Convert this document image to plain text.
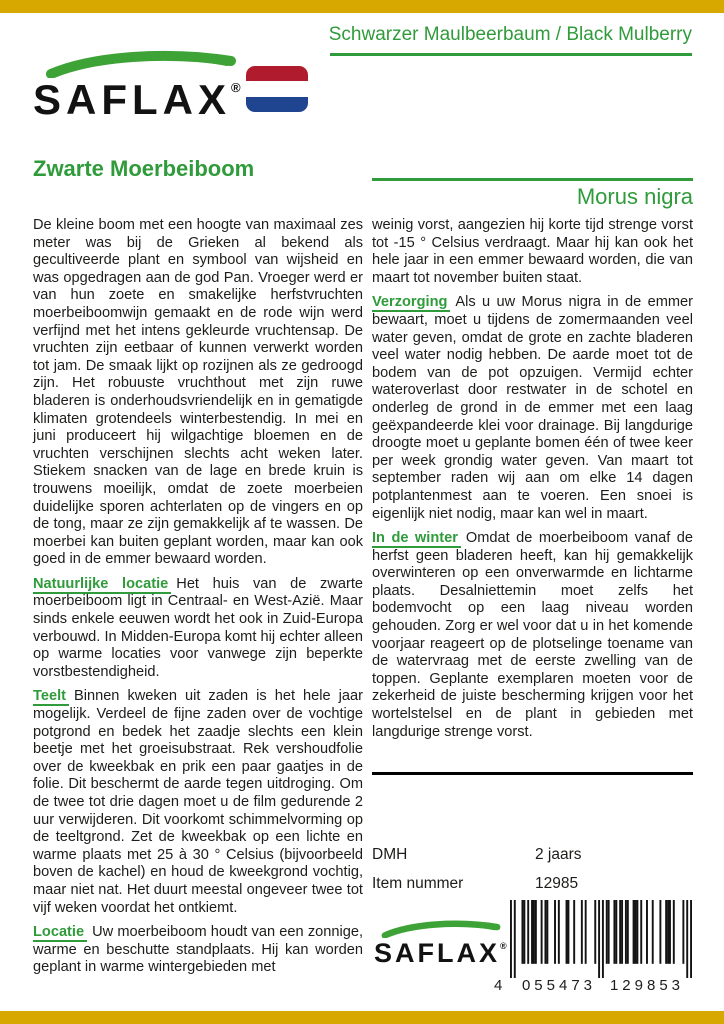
Schwarzer Maulbeerbaum / Black Mulberry
SAFLAX®
Zwarte Moerbeiboom
Morus nigra

De kleine boom met een hoogte van maximaal zes meter was bij de Grieken al bekend als gecultiveerde plant en symbool van wijsheid en was opgedragen aan de god Pan. Vroeger werd er van hun zoete en smakelijke herfstvruchten moerbeiboomwijn gemaakt en de rode wijn werd verfijnd met het intens gekleurde vruchtensap. De vruchten zijn eetbaar of kunnen verwerkt worden tot jam. De smaak lijkt op rozijnen als ze gedroogd zijn. Het robuuste vruchthout met zijn ruwe bladeren is onderhoudsvriendelijk en in gematigde klimaten grotendeels winterbestendig. In mei en juni produceert hij wilgachtige bloemen en de vruchten verschijnen slechts acht weken later. Stiekem snacken van de lage en brede kruin is trouwens moeilijk, omdat de zoete moerbeien duidelijke sporen achterlaten op de vingers en op de tong, maar ze zijn gemakkelijk af te wassen. De moerbei kan buiten geplant worden, maar kan ook goed in de emmer bewaard worden.

Natuurlijke locatie Het huis van de zwarte moerbeiboom ligt in Centraal- en West-Azië. Maar sinds enkele eeuwen wordt het ook in Zuid-Europa verbouwd. In Midden-Europa komt hij echter alleen op warme locaties voor vanwege zijn beperkte vorstbestendigheid.

Teelt Binnen kweken uit zaden is het hele jaar mogelijk. Verdeel de fijne zaden over de vochtige potgrond en bedek het zaadje slechts een klein beetje met het groeisubstraat. Rek vershoudfolie over de kweekbak en prik een paar gaatjes in de folie. Dit beschermt de aarde tegen uitdroging. Om de twee tot drie dagen moet u de film gedurende 2 uur verwijderen. Dit voorkomt schimmelvorming op de teeltgrond. Zet de kweekbak op een lichte en warme plaats met 25 à 30 ° Celsius (bijvoorbeeld boven de kachel) en houd de kweekgrond vochtig, maar niet nat. Het duurt meestal ongeveer twee tot vijf weken voordat het ontkiemt.

Locatie Uw moerbeiboom houdt van een zonnige, warme en beschutte standplaats. Hij kan worden geplant in warme wintergebieden met

weinig vorst, aangezien hij korte tijd strenge vorst tot -15 ° Celsius verdraagt. Maar hij kan ook het hele jaar in een emmer bewaard worden, die van maart tot november buiten staat.

Verzorging Als u uw Morus nigra in de emmer bewaart, moet u tijdens de zomermaanden veel water geven, omdat de grote en zachte bladeren veel water nodig hebben. De aarde moet tot de bodem van de pot opzuigen. Vermijd echter wateroverlast door restwater in de schotel en onderleg de grond in de emmer met een laag geëxpandeerde klei voor drainage. Bij langdurige droogte moet u geplante bomen één of twee keer per week grondig water geven. Van maart tot september raden wij aan om elke 14 dagen potplantenmest aan te voeren. Een snoei is eigenlijk niet nodig, maar kan wel in maart.

In de winter Omdat de moerbeiboom vanaf de herfst geen bladeren heeft, kan hij gemakkelijk overwinteren op een onverwarmde en lichtarme plaats. Desalniettemin moet zelfs het bodemvocht op een laag niveau worden gehouden. Zorg er wel voor dat u in het komende voorjaar reageert op de plotselinge toename van de watervraag met de eerste zwelling van de toppen. Geplante exemplaren moeten voor de zekerheid de juiste bescherming krijgen voor het wortelstelsel en de plant in gebieden met langdurige strenge vorst.

DMH	2 jaars
Item nummer	12985
SAFLAX®
4 055473 129853
